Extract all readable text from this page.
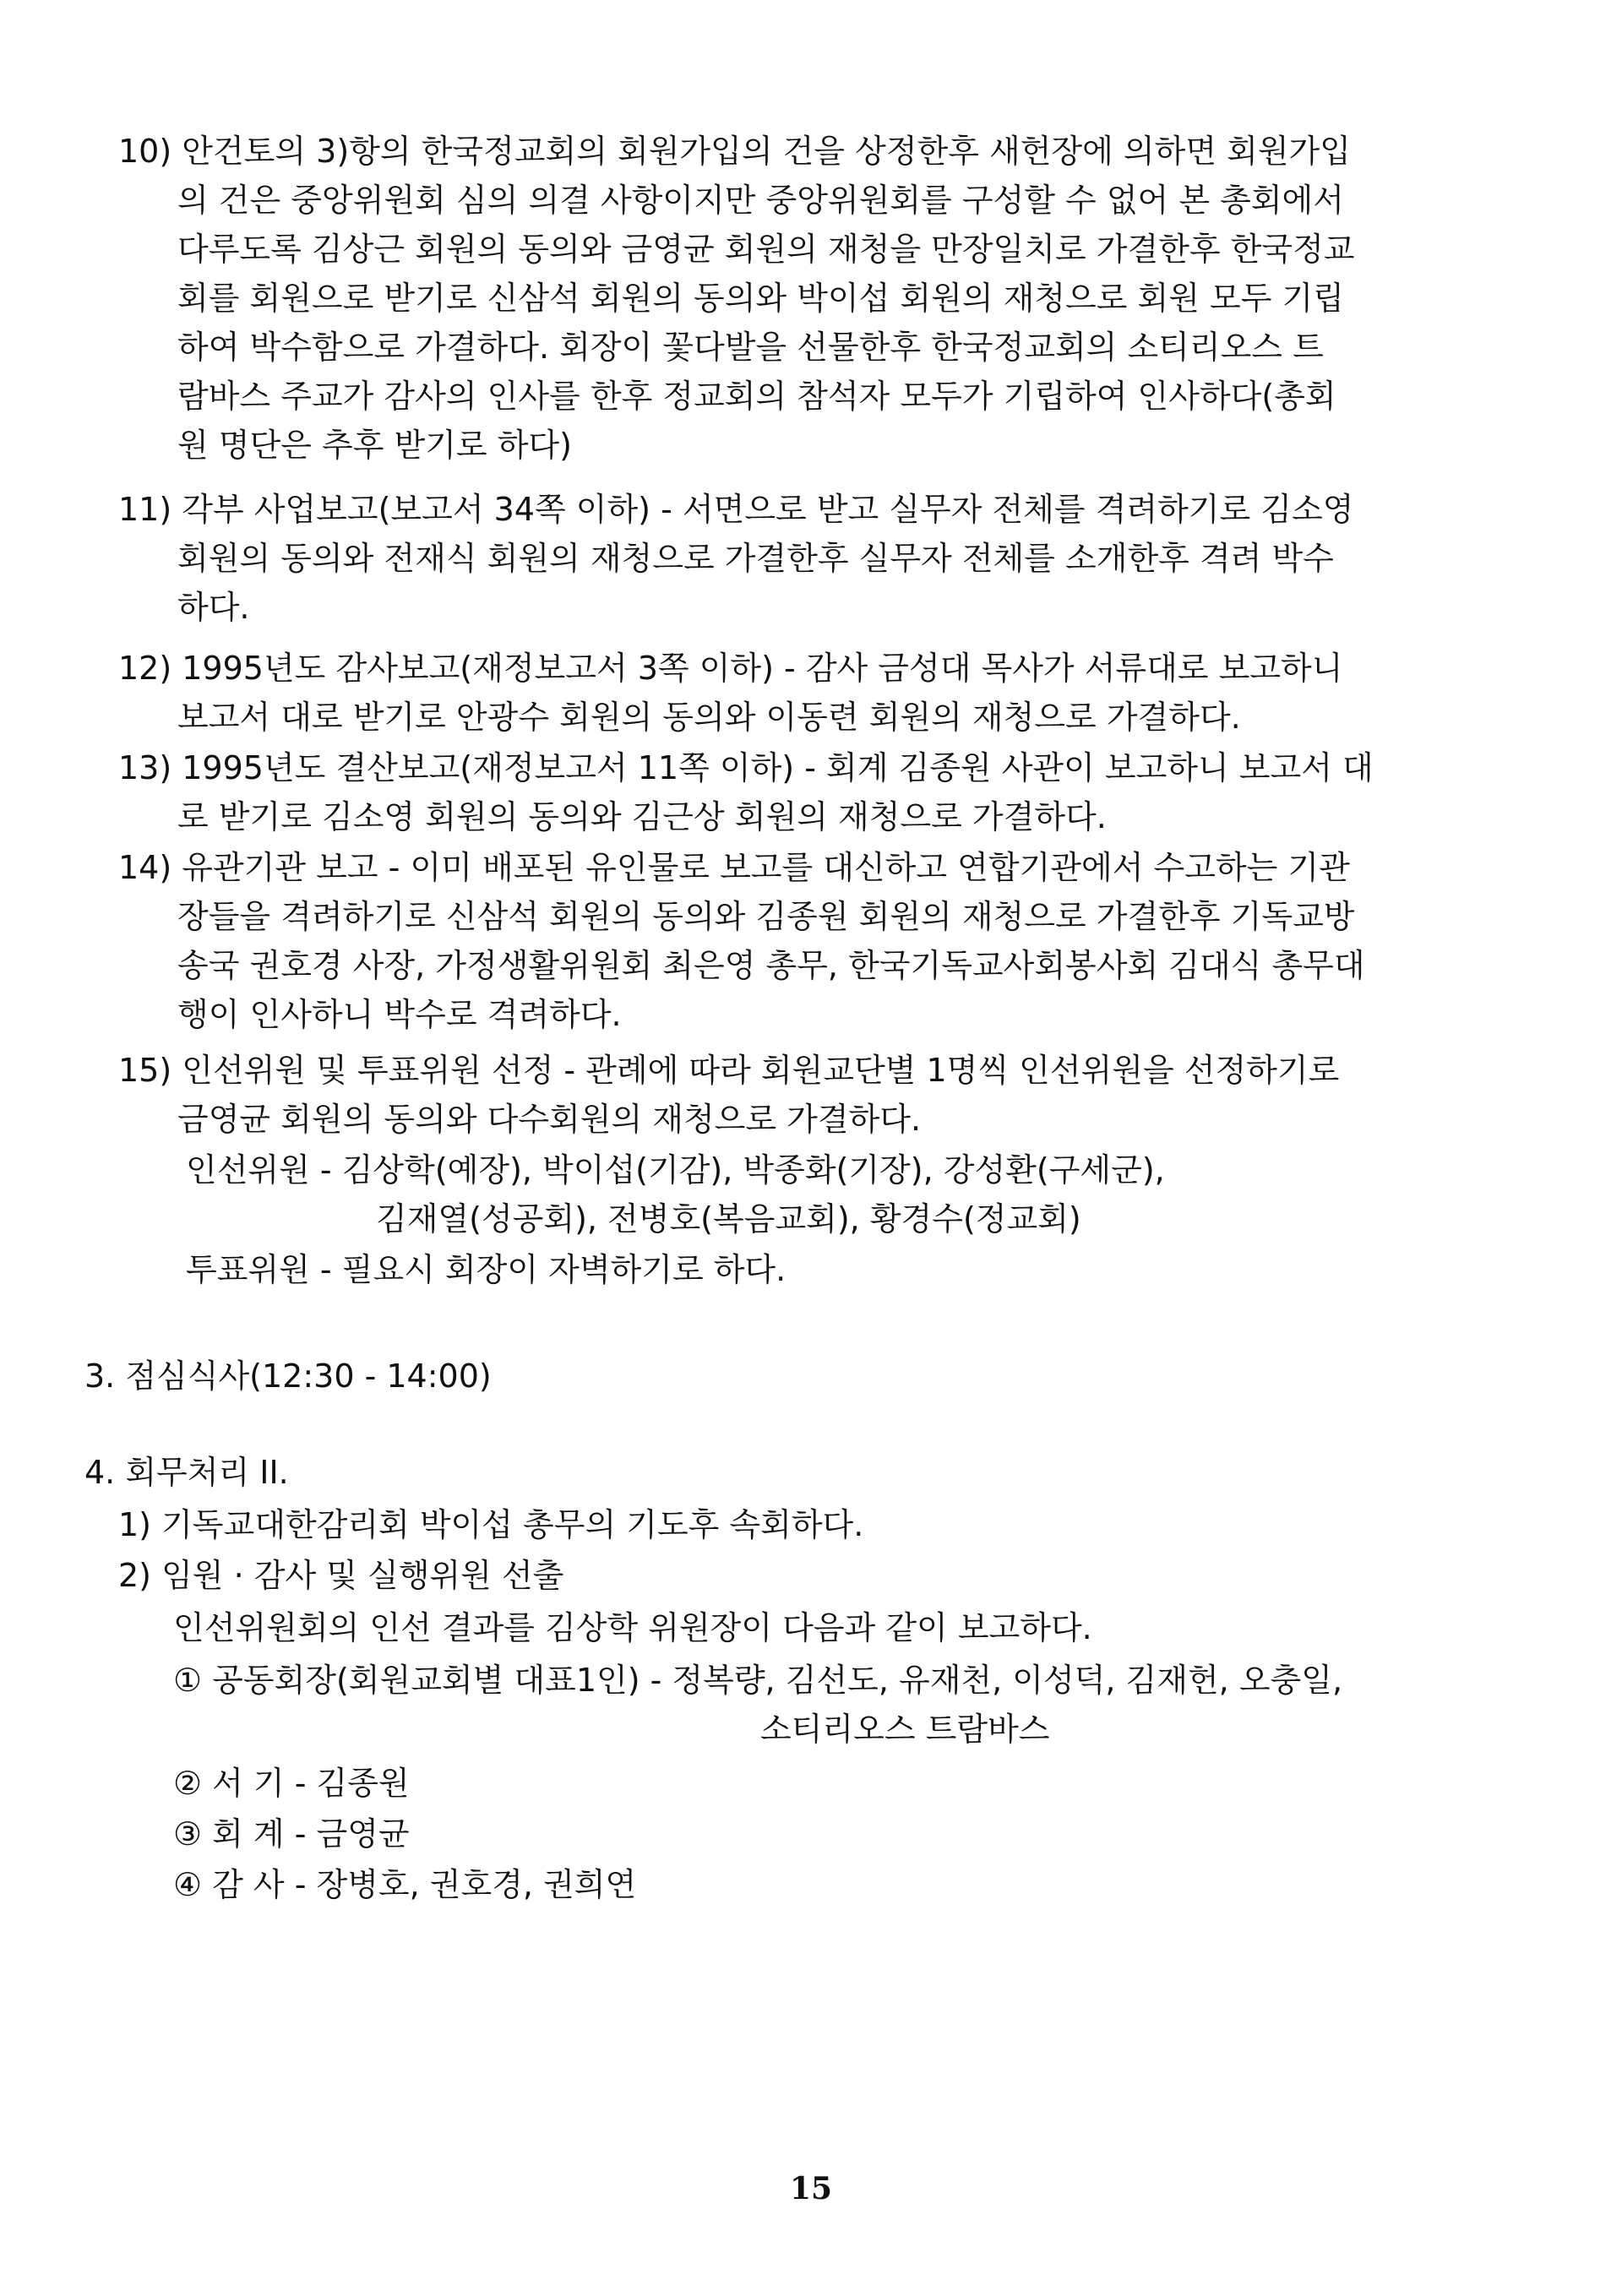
10) 안건토의 3)항의 한국정교회의 회원가입의 건을 상정한후 새헌장에 의하면 회원가입
의 건은 중앙위원회 심의 의결 사항이지만 중앙위원회를 구성할 수 없어 본 총회에서
다루도록 김상근 회원의 동의와 금영균 회원의 재청을 만장일치로 가결한후 한국정교
회를 회원으로 받기로 신삼석 회원의 동의와 박이섭 회원의 재청으로 회원 모두 기립
하여 박수함으로 가결하다. 회장이 꽃다발을 선물한후 한국정교회의 소티리오스 트
람바스 주교가 감사의 인사를 한후 정교회의 참석자 모두가 기립하여 인사하다(총회
원 명단은 추후 받기로 하다)
11) 각부 사업보고(보고서 34쪽 이하) - 서면으로 받고 실무자 전체를 격려하기로 김소영
회원의 동의와 전재식 회원의 재청으로 가결한후 실무자 전체를 소개한후 격려 박수
하다.
12) 1995년도 감사보고(재정보고서 3쪽 이하) - 감사 금성대 목사가 서류대로 보고하니
보고서 대로 받기로 안광수 회원의 동의와 이동련 회원의 재청으로 가결하다.
13) 1995년도 결산보고(재정보고서 11쪽 이하) - 회계 김종원 사관이 보고하니 보고서 대
로 받기로 김소영 회원의 동의와 김근상 회원의 재청으로 가결하다.
14) 유관기관 보고 - 이미 배포된 유인물로 보고를 대신하고 연합기관에서 수고하는 기관
장들을 격려하기로 신삼석 회원의 동의와 김종원 회원의 재청으로 가결한후 기독교방
송국 권호경 사장, 가정생활위원회 최은영 총무, 한국기독교사회봉사회 김대식 총무대
행이 인사하니 박수로 격려하다.
15) 인선위원 및 투표위원 선정 - 관례에 따라 회원교단별 1명씩 인선위원을 선정하기로
금영균 회원의 동의와 다수회원의 재청으로 가결하다.
인선위원 - 김상학(예장), 박이섭(기감), 박종화(기장), 강성환(구세군),
김재열(성공회), 전병호(복음교회), 황경수(정교회)
투표위원 - 필요시 회장이 자벽하기로 하다.
3. 점심식사(12:30 - 14:00)
4. 회무처리 II.
1) 기독교대한감리회 박이섭 총무의 기도후 속회하다.
2) 임원 · 감사 및 실행위원 선출
인선위원회의 인선 결과를 김상학 위원장이 다음과 같이 보고하다.
① 공동회장(회원교회별 대표1인) - 정복량, 김선도, 유재천, 이성덕, 김재헌, 오충일,
소티리오스 트람바스
② 서 기 - 김종원
③ 회 계 - 금영균
④ 감 사 - 장병호, 권호경, 권희연
15
